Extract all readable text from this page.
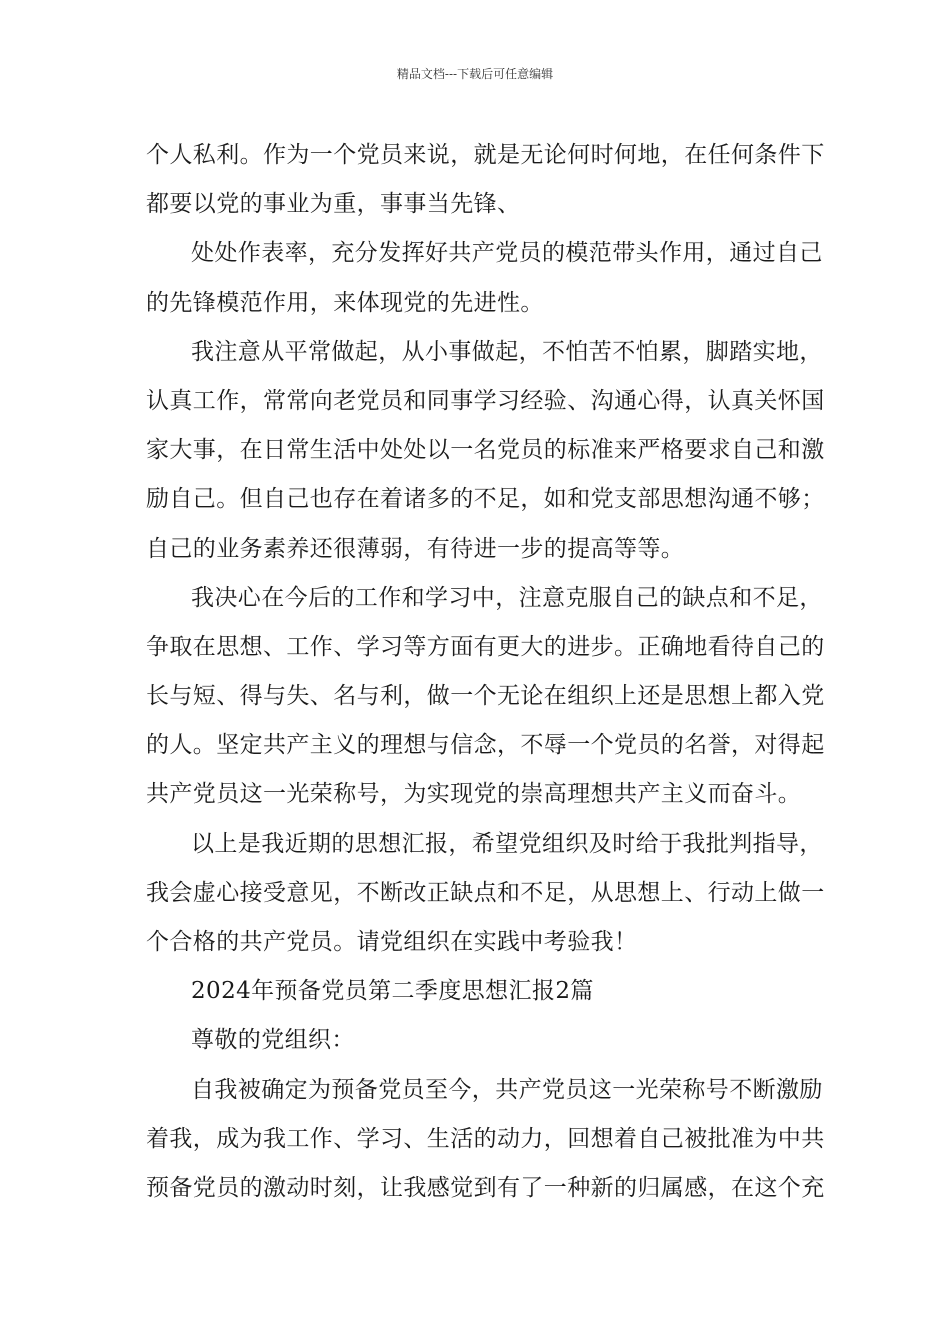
精品文档---下载后可任意编辑
个人私利。作为一个党员来说，就是无论何时何地，在任何条件下
都要以党的事业为重，事事当先锋、
处处作表率，充分发挥好共产党员的模范带头作用，通过自己
的先锋模范作用，来体现党的先进性。
我注意从平常做起，从小事做起，不怕苦不怕累，脚踏实地，
认真工作，常常向老党员和同事学习经验、沟通心得，认真关怀国
家大事，在日常生活中处处以一名党员的标准来严格要求自己和激
励自己。但自己也存在着诸多的不足，如和党支部思想沟通不够；
自己的业务素养还很薄弱，有待进一步的提高等等。
我决心在今后的工作和学习中，注意克服自己的缺点和不足，
争取在思想、工作、学习等方面有更大的进步。正确地看待自己的
长与短、得与失、名与利，做一个无论在组织上还是思想上都入党
的人。坚定共产主义的理想与信念，不辱一个党员的名誉，对得起
共产党员这一光荣称号，为实现党的崇高理想共产主义而奋斗。
以上是我近期的思想汇报，希望党组织及时给于我批判指导，
我会虚心接受意见，不断改正缺点和不足，从思想上、行动上做一
个合格的共产党员。请党组织在实践中考验我！
2024年预备党员第二季度思想汇报2篇
尊敬的党组织：
自我被确定为预备党员至今，共产党员这一光荣称号不断激励
着我，成为我工作、学习、生活的动力，回想着自己被批准为中共
预备党员的激动时刻，让我感觉到有了一种新的归属感，在这个充
